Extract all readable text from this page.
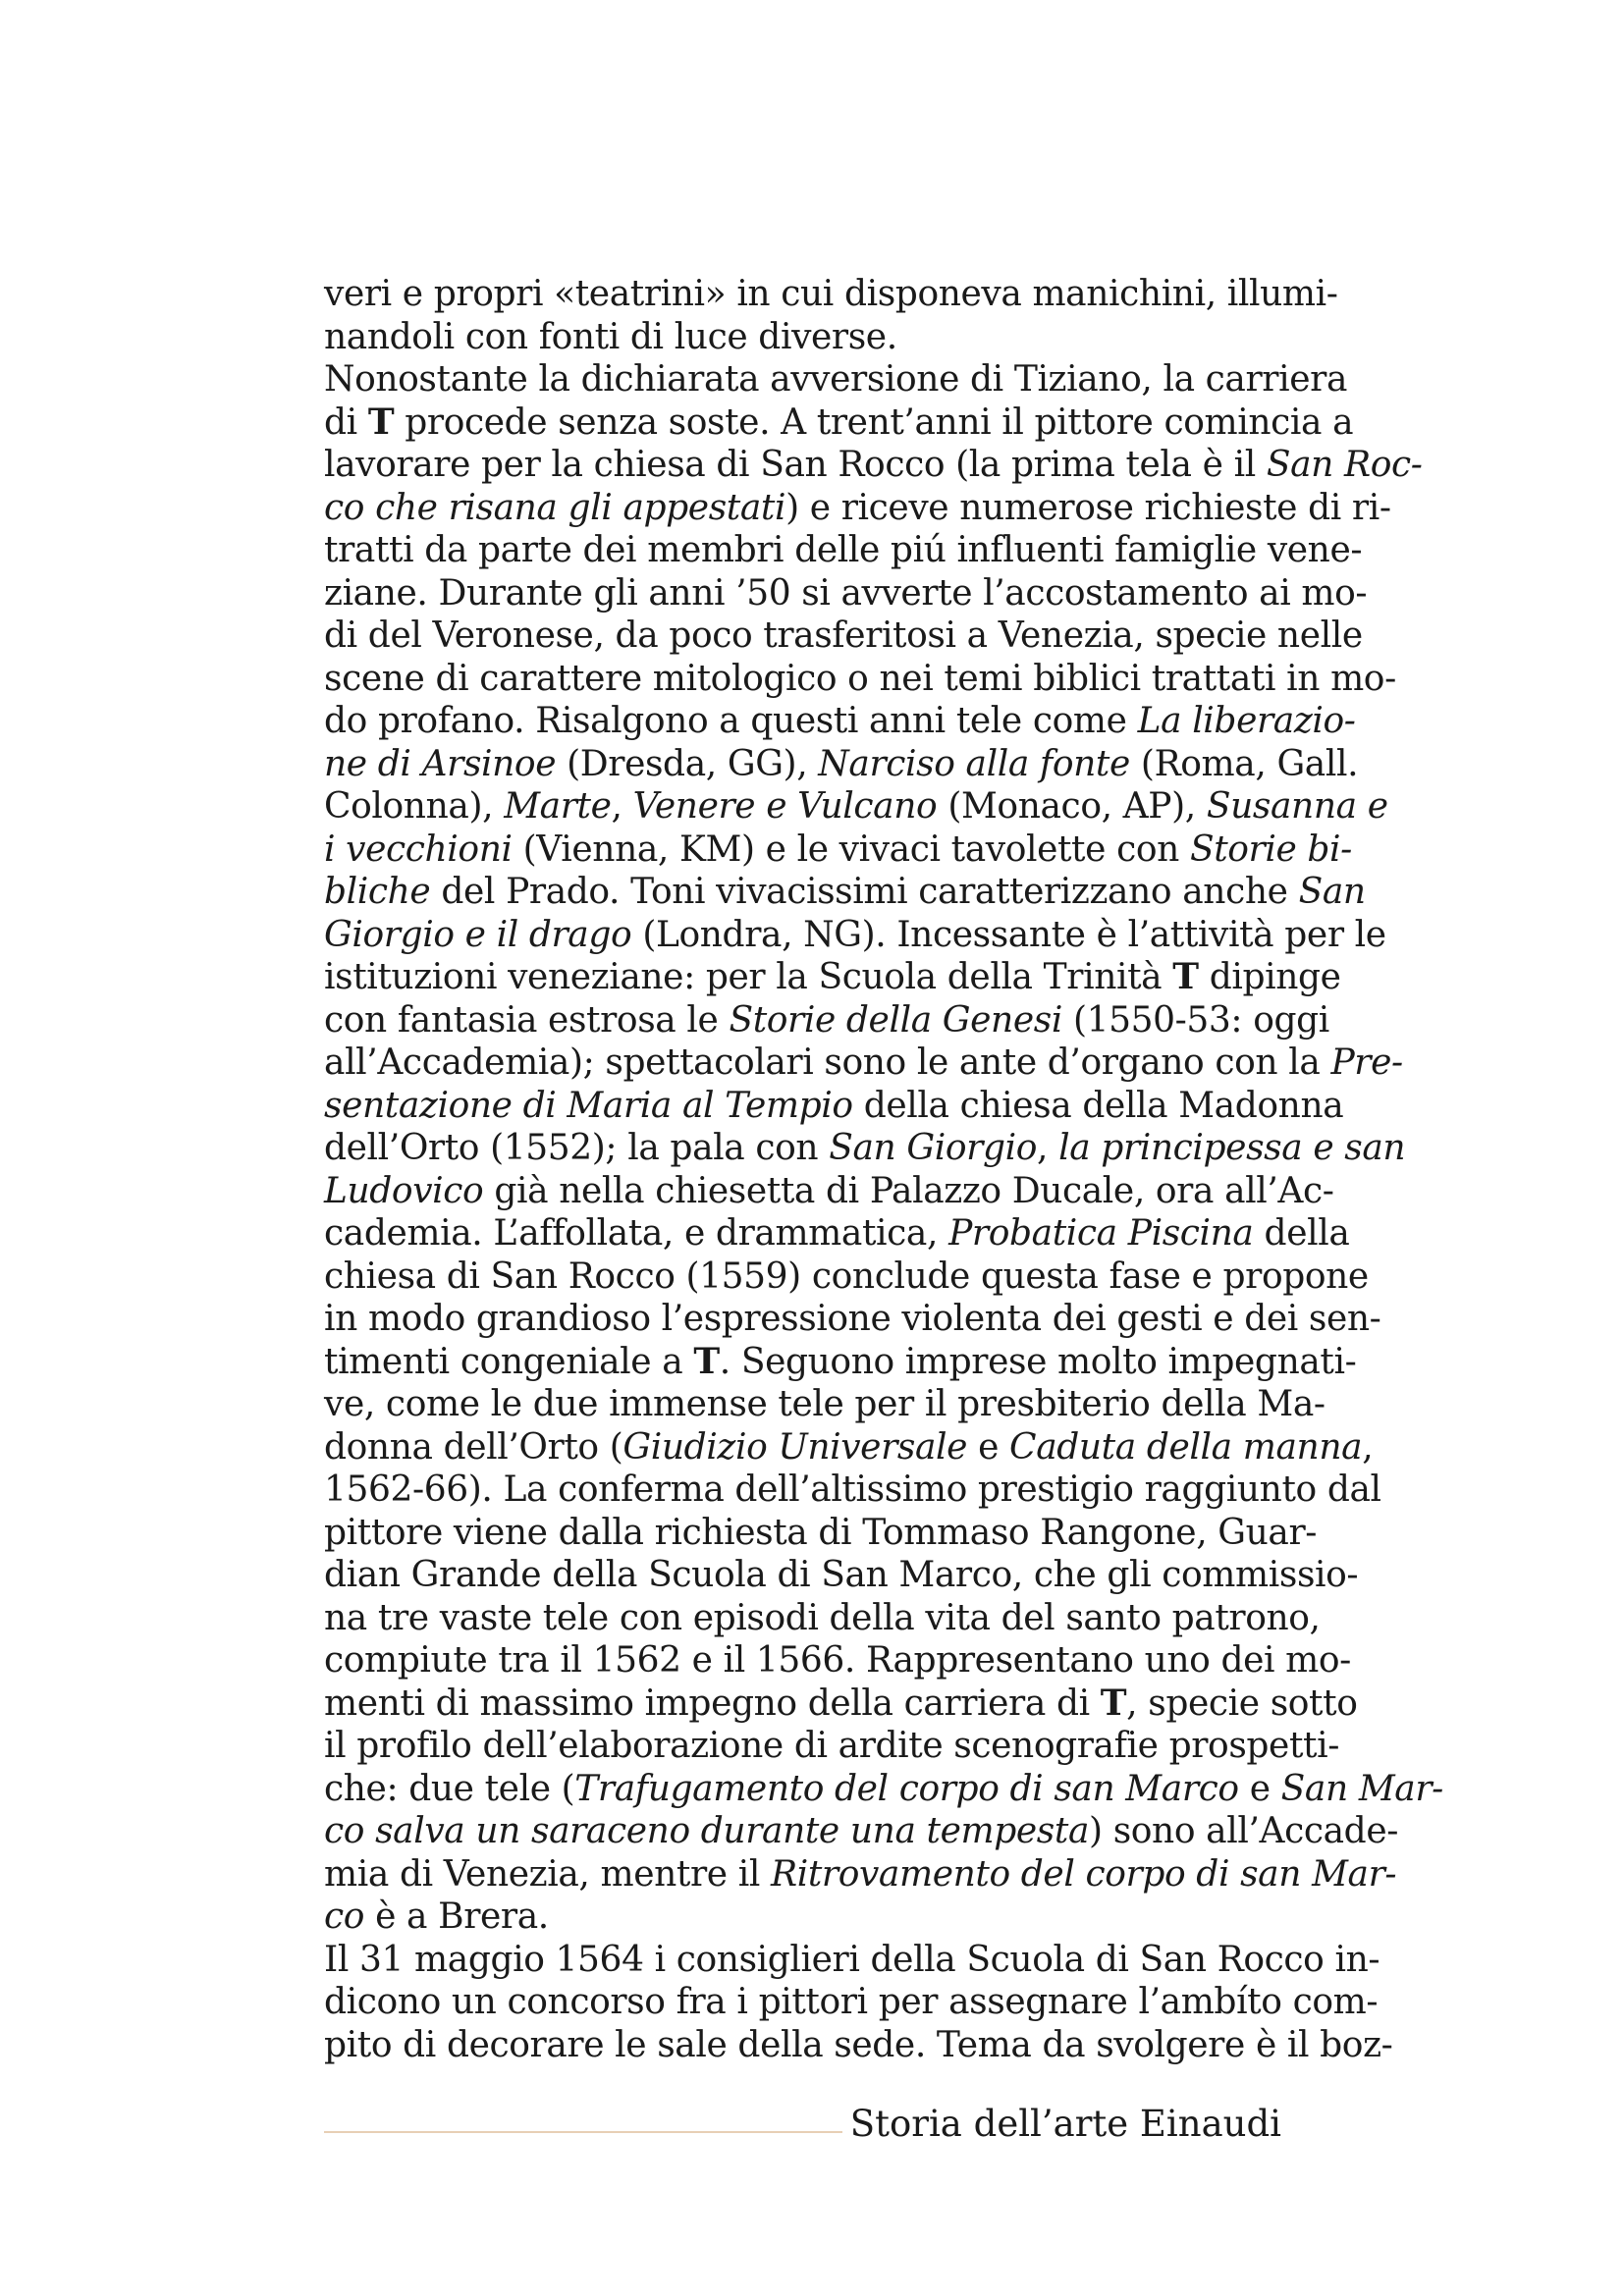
veri e propri «teatrini» in cui disponeva manichini, illumi-
nandoli con fonti di luce diverse.
Nonostante la dichiarata avversione di Tiziano, la carriera
di T procede senza soste. A trent’anni il pittore comincia a
lavorare per la chiesa di San Rocco (la prima tela è il San Roc-
co che risana gli appestati) e riceve numerose richieste di ri-
tratti da parte dei membri delle piú influenti famiglie vene-
ziane. Durante gli anni ’50 si avverte l’accostamento ai mo-
di del Veronese, da poco trasferitosi a Venezia, specie nelle
scene di carattere mitologico o nei temi biblici trattati in mo-
do profano. Risalgono a questi anni tele come La liberazio-
ne di Arsinoe (Dresda, GG), Narciso alla fonte (Roma, Gall.
Colonna), Marte, Venere e Vulcano (Monaco, AP), Susanna e
i vecchioni (Vienna, KM) e le vivaci tavolette con Storie bi-
bliche del Prado. Toni vivacissimi caratterizzano anche San
Giorgio e il drago (Londra, NG). Incessante è l’attività per le
istituzioni veneziane: per la Scuola della Trinità T dipinge
con fantasia estrosa le Storie della Genesi (1550-53: oggi
all’Accademia); spettacolari sono le ante d’organo con la Pre-
sentazione di Maria al Tempio della chiesa della Madonna
dell’Orto (1552); la pala con San Giorgio, la principessa e san
Ludovico già nella chiesetta di Palazzo Ducale, ora all’Ac-
cademia. L’affollata, e drammatica, Probatica Piscina della
chiesa di San Rocco (1559) conclude questa fase e propone
in modo grandioso l’espressione violenta dei gesti e dei sen-
timenti congeniale a T. Seguono imprese molto impegnati-
ve, come le due immense tele per il presbiterio della Ma-
donna dell’Orto (Giudizio Universale e Caduta della manna,
1562-66). La conferma dell’altissimo prestigio raggiunto dal
pittore viene dalla richiesta di Tommaso Rangone, Guar-
dian Grande della Scuola di San Marco, che gli commissio-
na tre vaste tele con episodi della vita del santo patrono,
compiute tra il 1562 e il 1566. Rappresentano uno dei mo-
menti di massimo impegno della carriera di T, specie sotto
il profilo dell’elaborazione di ardite scenografie prospetti-
che: due tele (Trafugamento del corpo di san Marco e San Mar-
co salva un saraceno durante una tempesta) sono all’Accade-
mia di Venezia, mentre il Ritrovamento del corpo di san Mar-
co è a Brera.
Il 31 maggio 1564 i consiglieri della Scuola di San Rocco in-
dicono un concorso fra i pittori per assegnare l’ambíto com-
pito di decorare le sale della sede. Tema da svolgere è il boz-
Storia dell’arte Einaudi
